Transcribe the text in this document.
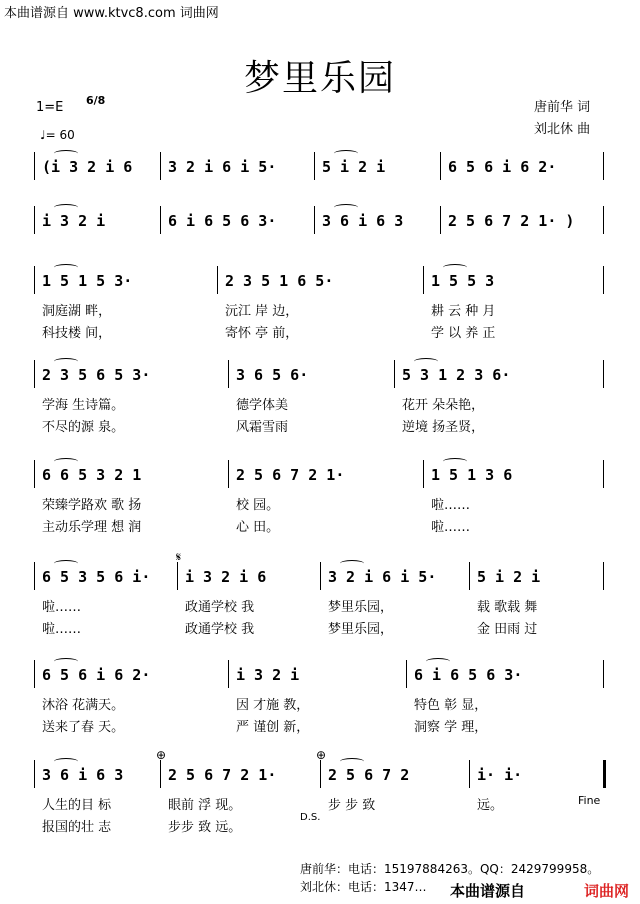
本曲谱源自 www.ktvc8.com 词曲网
梦里乐园
1=E 6/8
♩= 60
唐前华 词
刘北休 曲
(i 3 2 i 6	3 2 i 6 i 5·	5 i 2 i	6 5 6 i 6 2·
i 3 2 i	6 i 6 5 6 3·	3 6 i 6 3	2 5 6 7 2 1· )
1 5 1 5 3·	2 3 5 1 6 5·	1 5 5 3
洞庭湖 畔，	沅江 岸 边，	耕 云 种 月
科技楼 间，	寄怀 亭 前，	学 以 养 正
2 3 5 6 5 3·	3 6 5 6·	5 3 1 2 3 6·
学海 生诗篇。	德学体美	花开 朵朵艳，
不尽的源 泉。	风霜雪雨	逆境 扬圣贤，
6 6 5 3 2 1	2 5 6 7 2 1·	1 5 1 3 6
荣臻学路欢 歌 扬	校 园。	啦……
主动乐学理 想 润	心 田。	啦……
6 5 3 5 6 i·	i 3 2 i 6	3 2 i 6 i 5·	5 i 2 i
啦……	政通学校 我	梦里乐园，	载 歌载 舞
啦……	政通学校 我	梦里乐园，	金 田雨 过
6 5 6 i 6 2·	i 3 2 i	6 i 6 5 6 3·
沐浴 花满天。	因 才施 教，	特色 彰 显，
送来了春 天。	严 谨创 新，	洞察 学 理，
3 6 i 6 3	2 5 6 7 2 1·	2 5 6 7 2	i· i·
人生的目 标	眼前 浮 现。	步 步 致	远。
报国的壮 志	步步 致 远。
𝄋
⊕	⊕
Fine
D.S.
唐前华：电话：15197884263。QQ：2429799958。
刘北休：电话：1347… 本曲谱源自	词曲网
